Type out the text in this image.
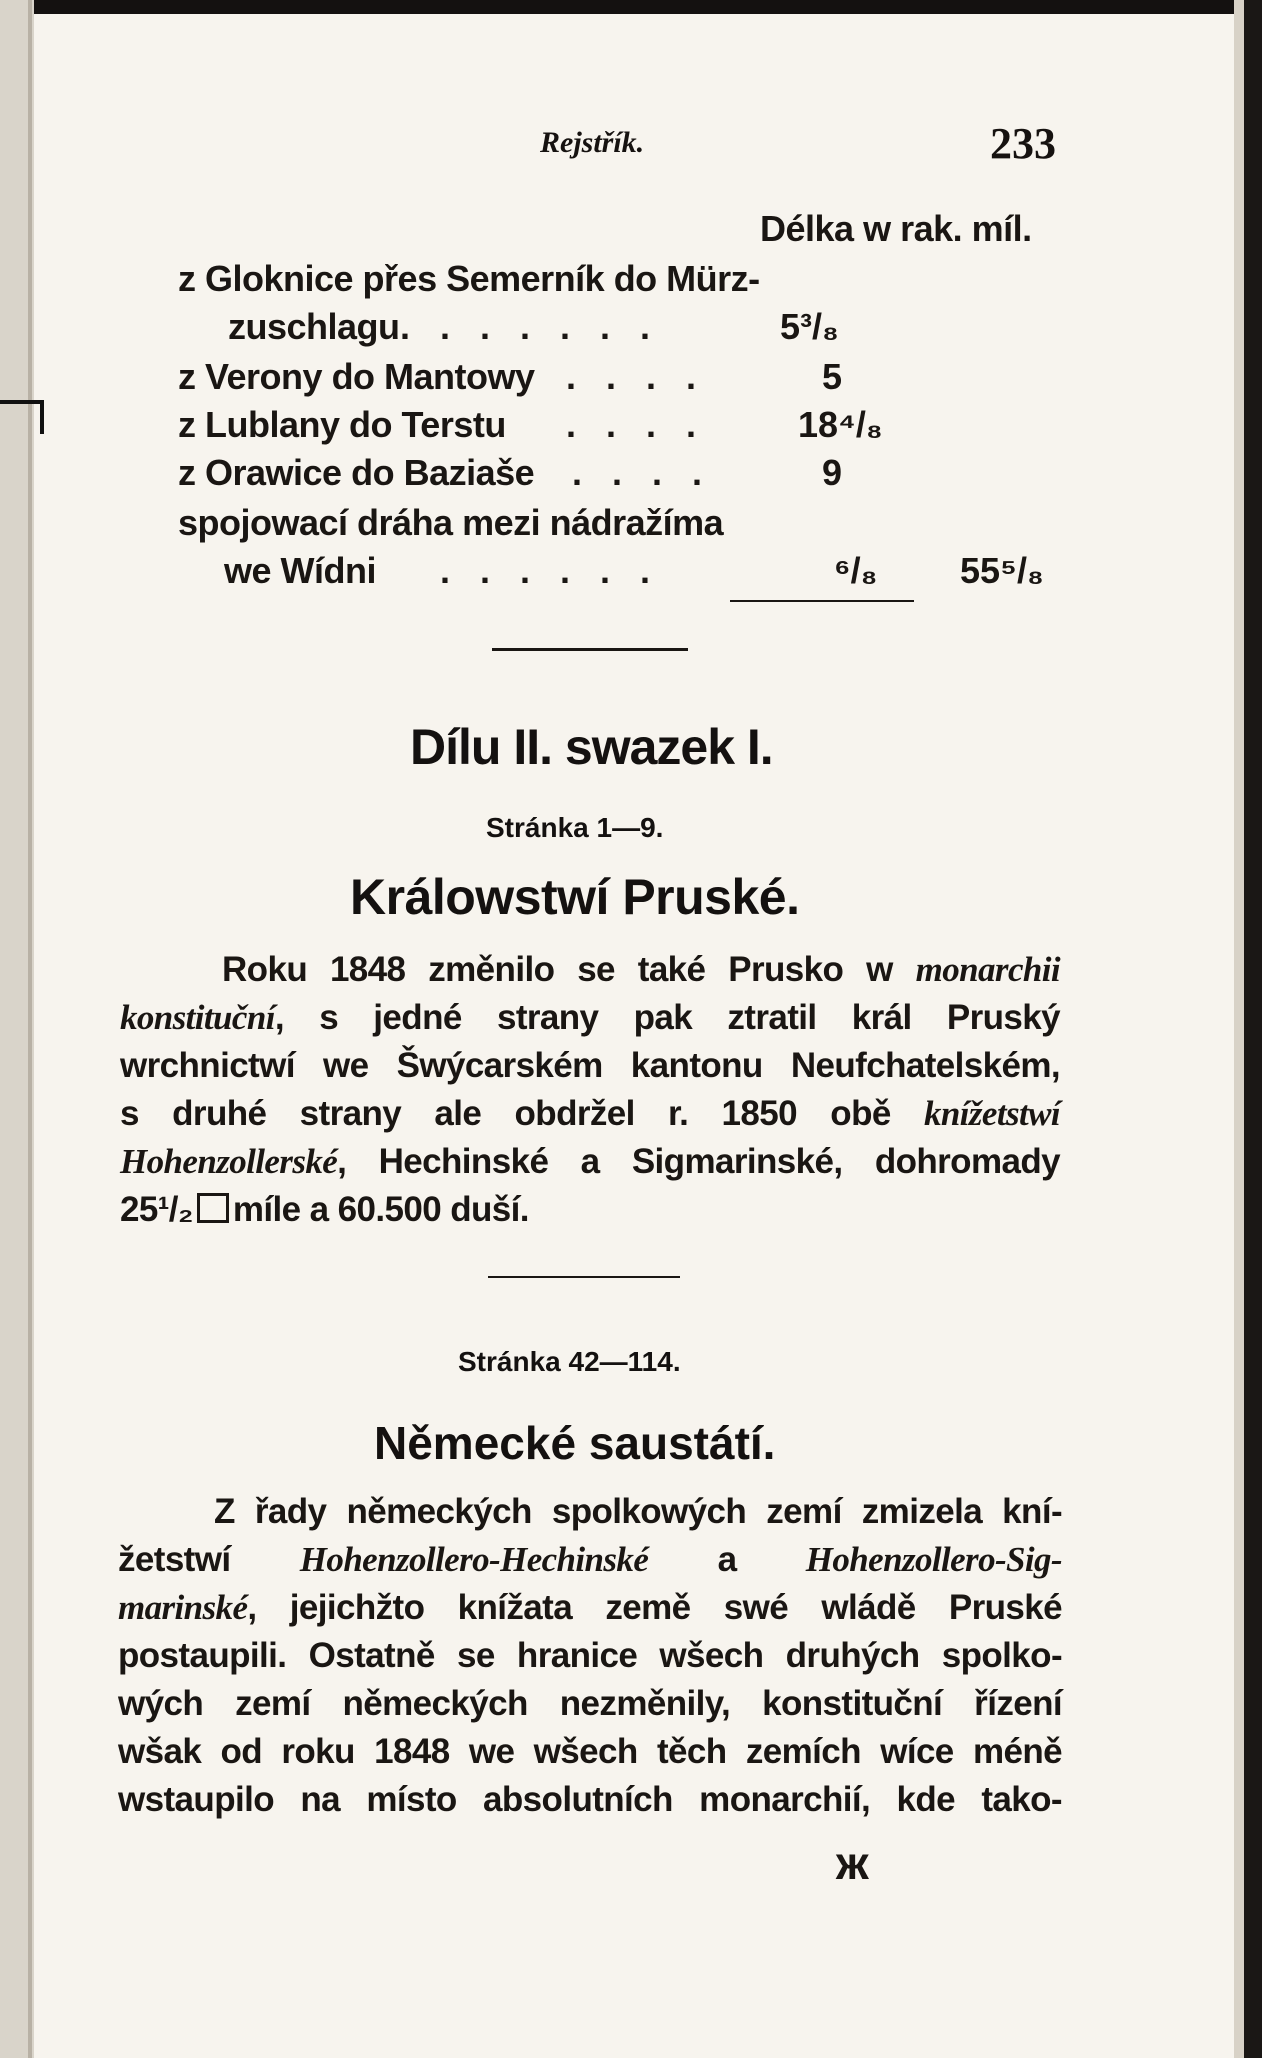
Rejstřík.	233
Délka w rak. míl.
z Gloknice přes Semerník do Mürz-
zuschlagu . . . . . . .	5³/₈
z Verony do Mantowy . . . .	5
z Lublany do Terstu . . . .	18⁴/₈
z Orawice do Baziaše . . . .	9
spojowací dráha mezi nádražíma
we Wídni . . . . . .	⁶/₈ 55⁵/₈
Dílu II. swazek I.
Stránka 1—9.
Králowstwí Pruské.
Roku 1848 změnilo se také Prusko w monarchii
konstituční, s jedné strany pak ztratil král Pruský
wrchnictwí we Šwýcarském kantonu Neufchatelském,
s druhé strany ale obdržel r. 1850 obě knížetstwí
Hohenzollerské, Hechinské a Sigmarinské, dohromady
25¹/₂ míle a 60.500 duší.
Stránka 42—114.
Německé saustátí.
Z řady německých spolkowých zemí zmizela kní-
žetstwí Hohenzollero-Hechinské a Hohenzollero-Sig-
marinské, jejichžto knížata země swé wládě Pruské
postaupili. Ostatně se hranice wšech druhých spolko-
wých zemí německých nezměnily, konstituční řízení
wšak od roku 1848 we wšech těch zemích wíce méně
wstaupilo na místo absolutních monarchií, kde tako-
ж
